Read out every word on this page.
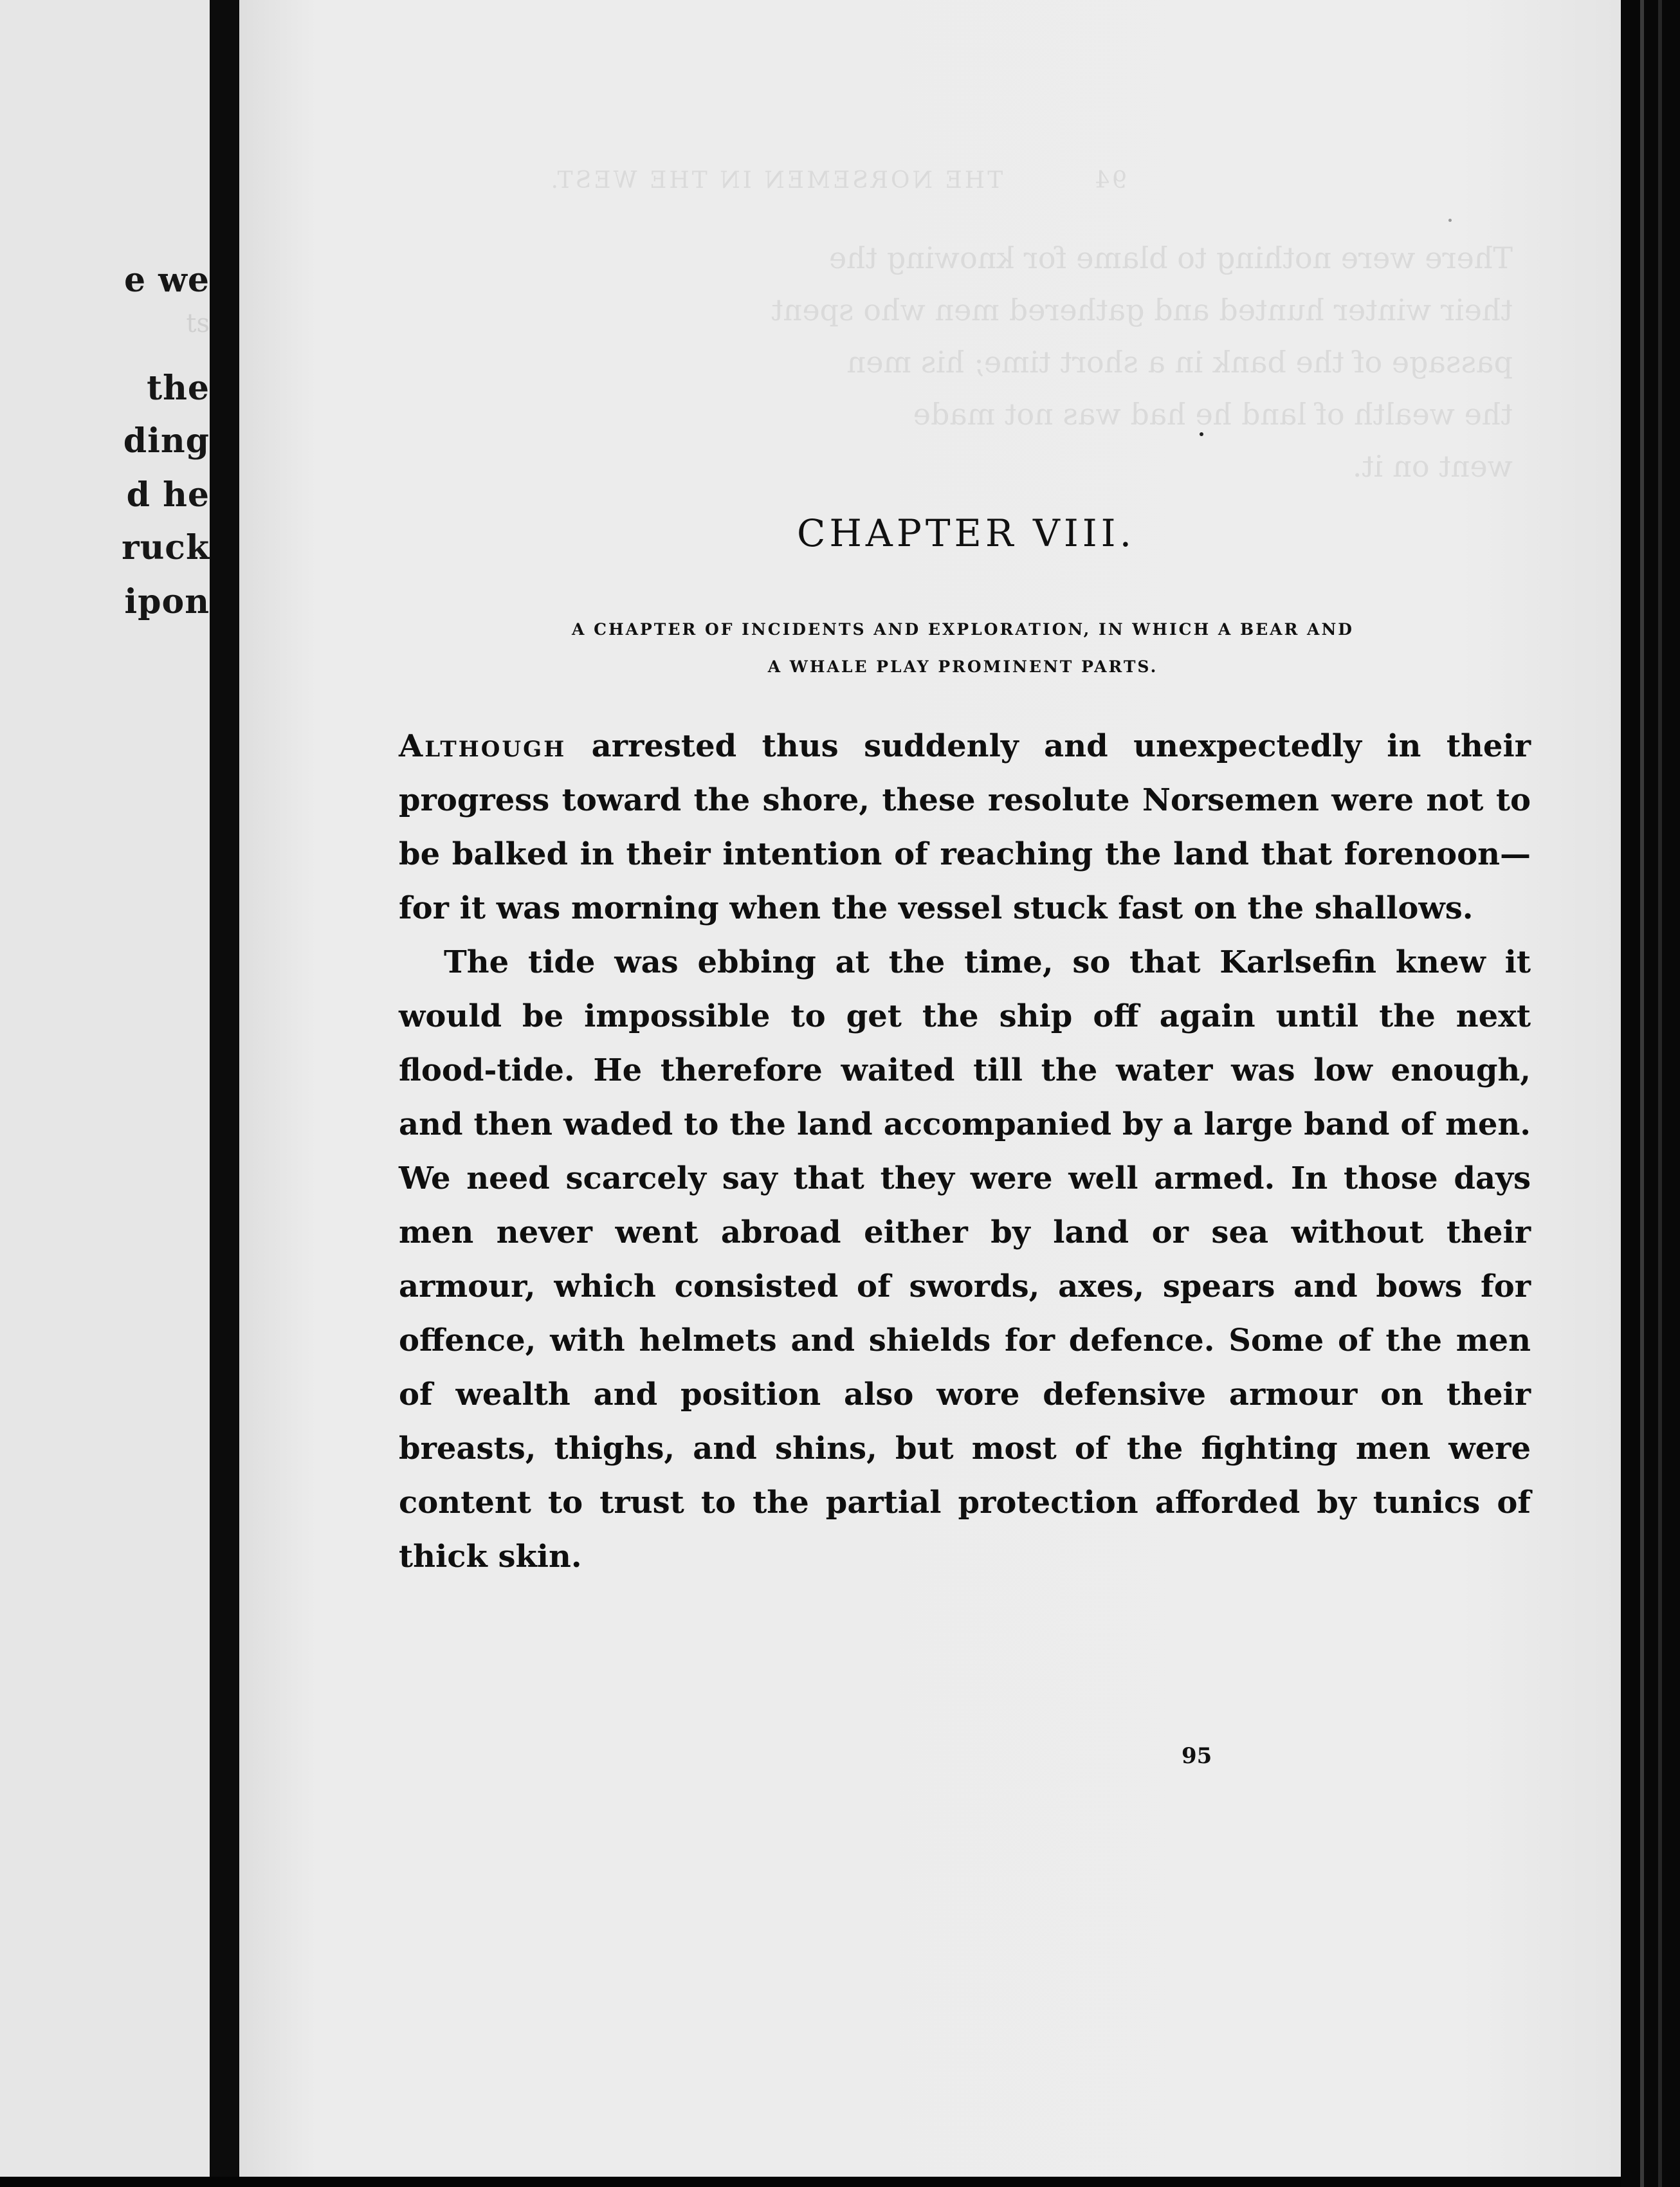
e we
ts
the
ding
d he
ruck
ipon
94         THE NORSEMEN IN THE WEST.
There were nothing to blame for knowing the
their winter hunted and gathered men who spent
passage of the bank in a short time; his men
the wealth of land he had was not made
went on it.
CHAPTER VIII.
A CHAPTER OF INCIDENTS AND EXPLORATION, IN WHICH A BEAR AND
A WHALE PLAY PROMINENT PARTS.

Although arrested thus suddenly and unexpectedly in their progress toward the shore, these resolute Norsemen were not to be balked in their intention of reaching the land that forenoon—for it was morning when the vessel stuck fast on the shallows.

The tide was ebbing at the time, so that Karlsefin knew it would be impossible to get the ship off again until the next flood-tide. He therefore waited till the water was low enough, and then waded to the land accompanied by a large band of men. We need scarcely say that they were well armed. In those days men never went abroad either by land or sea without their armour, which consisted of swords, axes, spears and bows for offence, with helmets and shields for defence. Some of the men of wealth and position also wore defensive armour on their breasts, thighs, and shins, but most of the fighting men were content to trust to the partial protection afforded by tunics of thick skin.

95
